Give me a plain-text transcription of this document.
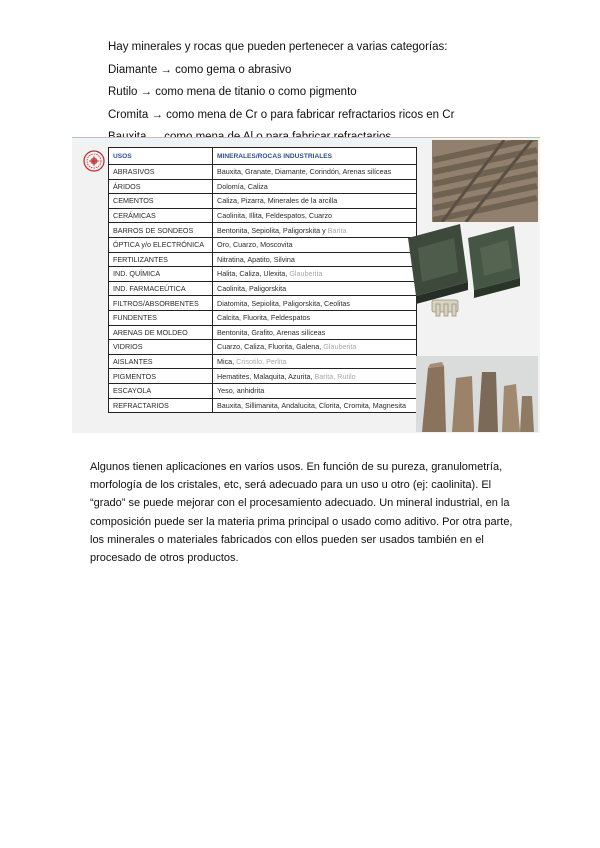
Hay minerales y rocas que pueden pertenecer a varias categorías:
Diamante → como gema o abrasivo
Rutilo → como mena de titanio o como pigmento
Cromita → como mena de Cr o para fabricar refractarios ricos en Cr
USOS	MINERALES/ROCAS INDUSTRIALES
ABRASIVOS	Bauxita, Granate, Diamante, Corindón, Arenas silíceas
ÁRIDOS	Dolomía, Caliza
CEMENTOS	Caliza, Pizarra, Minerales de la arcilla
CERÁMICAS	Caolinita, Illita, Feldespatos, Cuarzo
BARROS DE SONDEOS	Bentonita, Sepiolita, Paligorskita y Barita
ÓPTICA y/o ELECTRÓNICA	Oro, Cuarzo, Moscovita
FERTILIZANTES	Nitratina, Apatito, Silvina
IND. QUÍMICA	Halita, Caliza, Ulexita, Glauberita
IND. FARMACEÚTICA	Caolinita, Paligorskita
FILTROS/ABSORBENTES	Diatomita, Sepiolita, Paligorskita, Ceolitas
FUNDENTES	Calcita, Fluorita, Feldespatos
ARENAS DE MOLDEO	Bentonita, Grafito, Arenas silíceas
VIDRIOS	Cuarzo, Caliza, Fluorita, Galena, Glauberita
AISLANTES	Mica, Crisotilo, Perlita
PIGMENTOS	Hematites, Malaquita, Azurita, Barita, Rutilo
ESCAYOLA	Yeso, anhidrita
REFRACTARIOS	Bauxita, Sillimanita, Andalucita, Clorita, Cromita, Magnesita
Algunos tienen aplicaciones en varios usos. En función de su pureza, granulometría,
morfología de los cristales, etc, será adecuado para un uso u otro (ej: caolinita). El
“grado” se puede mejorar con el procesamiento adecuado. Un mineral industrial, en la
composición puede ser la materia prima principal o usado como aditivo. Por otra parte,
los minerales o materiales fabricados con ellos pueden ser usados también en el
procesado de otros productos.
